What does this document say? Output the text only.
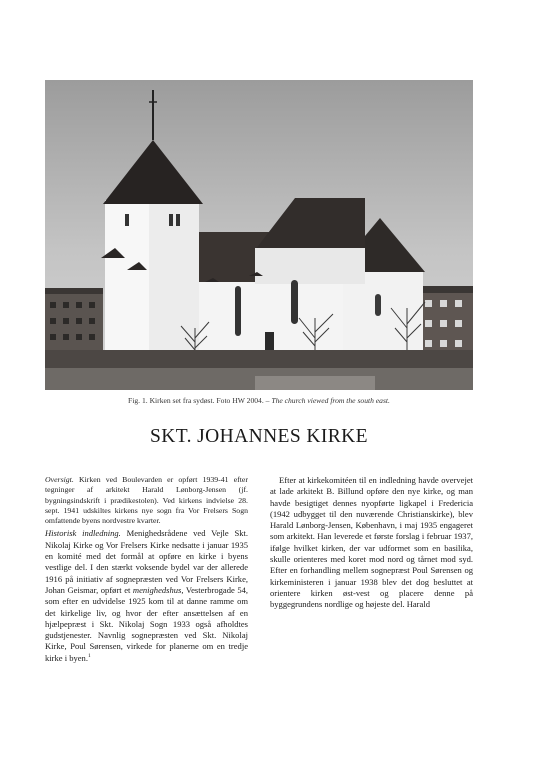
Fig. 1. Kirken set fra sydøst. Foto HW 2004. – The church viewed from the south east.
SKT. JOHANNES KIRKE

Oversigt. Kirken ved Boulevarden er opført 1939-41 efter tegninger af arkitekt Harald Lønborg-Jensen (jf. bygningsindskrift i prædikestolen). Ved kirkens indvielse 28. sept. 1941 udskiltes kirkens nye sogn fra Vor Frelsers Sogn omfattende byens nordvestre kvarter.

Historisk indledning. Menighedsrådene ved Vejle Skt. Nikolaj Kirke og Vor Frelsers Kirke nedsatte i januar 1935 en komité med det formål at opføre en kirke i byens vestlige del. I den stærkt voksende bydel var der allerede 1916 på initiativ af sognepræsten ved Vor Frelsers Kirke, Johan Geismar, opført et menighedshus, Vesterbrogade 54, som efter en udvidelse 1925 kom til at danne ramme om det kirkelige liv, og hvor der efter ansættelsen af en hjælpepræst i Skt. Nikolaj Sogn 1933 også afholdtes gudstjenester. Navnlig sognepræsten ved Skt. Nikolaj Kirke, Poul Sørensen, virkede for planerne om en tredje kirke i byen.$^1$

Efter at kirkekomitéen til en indledning havde overvejet at lade arkitekt B. Billund opføre den nye kirke, og man havde besigtiget dennes nyopførte ligkapel i Fredericia (1942 udbygget til den nuværende Christianskirke), blev Harald Lønborg-Jensen, København, i maj 1935 engageret som arkitekt. Han leverede et første forslag i februar 1937, ifølge hvilket kirken, der var udformet som en basilika, skulle orienteres med koret mod nord og tårnet mod syd. Efter en forhandling mellem sognepræst Poul Sørensen og kirkeministeren i januar 1938 blev det dog besluttet at orientere kirken øst-vest og placere denne på byggegrundens nordlige og højeste del. Harald
